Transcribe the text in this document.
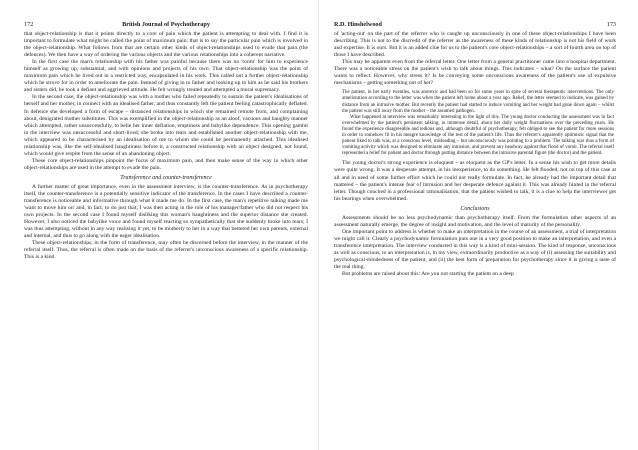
172	British Journal of Psychotherapy

that object-relationship is that it points directly to a core of pain which the patient is attempting to deal with. I find it is important to formulate what might be called the point of maximum pain; that is to say the particular pain which is involved in the object-relationship. What follows from that are certain other kinds of object-relationships used to evade that pain (the defences). We then have a way of ordering the various objects and the various relationships into a coherent narrative.

In the first case the man's relationship with his father was painful because there was no 'room' for him to experience himself as growing up, substantial, and with opinions and projects of his own. That object-relationship was the point of maximum pain which he lived out in a restricted way, encapsulated in his work. This called out a further object-relationship which he strove for in order to ameliorate the pain. Instead of giving in to father and looking up to him as he said his brothers and sisters did, he took a defiant and aggrieved attitude. He felt wrongly treated and attempted a moral supremacy.

In the second case, the object-relationship was with a mother who failed repeatedly to sustain the patient's idealisations of herself and her mother, in connect with an idealised father, and thus constantly left the patient feeling catastrophically deflated. In defence she developed a form of escape – distanced relationships in which she remained remote from, and complaining about, denigrated mother substitutes. This was exemplified in the object-relationship as an aloof, vacuous and haughty manner which attempted, rather unsuccessfully, to belie her inner deflation, emptiness and babylike dependence. This opening gambit in the interview was unsuccessful and short-lived; she broke into tears and established another object-relationship with me, which appeared to be characterised by an idealisation of me to whom she could be permanently attached. This idealised relationship was, like the self-idealised haughtiness before it, a constructed relationship with an object designed, not found, which would give respite from the sense of an abandoning object.

These core object-relationships pinpoint the focus of maximum pain, and then make sense of the way in which other object-relationships are used in the attempt to evade the pain.

Transference and counter-transference

A further matter of great importance, even in the assessment interview, is the counter-transference. As in psychotherapy itself, the counter-transference is a potentially sensitive indicator of the transference. In the cases I have described a counter-transference is noticeable and informative through what it made me do. In the first case, the man's repetitive talking made me 'want to move him on' and, in fact, to do just that; I was then acting in the role of his manager/father who did not respect his own projects. In the second case I found myself disliking this woman's haughtiness and the superior distance she created. However, I also noticed the babylike voice and found myself reacting so sympathetically that she suddenly broke into tears; I was thus attempting, without in any way realising it yet, to be motherly to her in a way that bettered her own parents, external and internal, and thus to go along with the eager idealisation.

These object-relationships, in the form of transference, may often be discerned before the interview, in the manner of the referral itself. Thus, the referral is often made on the basis of the referrer's unconscious awareness of a specific relationship. This is a kind

R.D. Hinshelwood	173

of 'acting-out' on the part of the referrer who is caught up unconsciously in one of these object-relationships I have been describing. This is not to the discredit of the referrer as the awareness of these kinds of relationship is not his field of work and expertise. It is ours. But it is an added clue for us to the patient's core object-relationships – a sort of fourth area on top of those I have described.

This may be apparent even from the referral letter. One letter from a general practitioner came into a hospital department. There was a noticeable stress on the patient's wish to talk about things. This indicates – what? On the surface the patient wants to reflect. However, why stress it? Is he conveying some unconscious awareness of the patient's use of expulsive mechanisms – getting something out of her?

The patient, in her early twenties, was anorexic and had been so for some years in spite of several therapeutic interventions. The only amelioration according to the letter was when the patient left home about a year ago. Relief, the letter seemed to indicate, was gained by distance from an intrusive mother. But recently the patient had started to induce vomiting and her weight had gone down again – whilst the patient was still away from the mother – the assumed pathogen.

What happened at interview was remarkably interesting in the light of this. The young doctor conducting the assessment was in fact overwhelmed by the patient's persistent talking, in immense detail, about her daily weight fluctuations over the preceding years. He found the experience disagreeable and tedious and, although doubtful of psychotherapy, felt obliged to see the patient for more sessions in order to somehow fit in his meagre knowledge of the rest of the patient's life. Thus the referrer's apparently optimistic signal that the patient liked to talk was, at a conscious level, misleading – but unconsciously was pointing to a problem. The talking was thus a form of vomiting activity which was designed to eliminate any intrusion, and prevent any headway against that flood of vomit. The referral itself represented a relief for patient and doctor through putting distance between the intrusive parental figure (the doctor) and the patient.

The young doctor's strong experience is eloquent – as eloquent as the GP's letter. In a sense his wish to get more details were quite wrong. It was a desperate attempt, in his inexperience, to do something. He felt flooded, not on top of this case at all and in need of some further effort which he could not really formulate. In fact, he already had the important detail that mattered – the patient's intense fear of intrusion and her desperate defence against it. This was already hinted in the referral letter. Though couched in a professional rationalisation, that the patient wished to talk, it is a clue to help the interviewer get his bearings when overwhelmed.

Conclusions

Assessments should be no less psychodynamic than psychotherapy itself. From the formulation other aspects of an assessment naturally emerge, the degree of insight and motivation, and the level of maturity of the personality.

One important point to address is whether to make an interpretation in the course of an assessment, a trial of interpretation we might call it. Clearly a psychodynamic formulation puts one in a very good position to make an interpretation, and even a transference interpretation. The interview conducted in this way is a kind of mini-session. The kind of response, unconscious as well as conscious, to an interpretation is, in my view, extraordinarily productive as a way of (i) assessing the suitability and psychological-mindedness of the patient, and (ii) the best form of preparation for psychotherapy since it is giving a taste of the real thing.

But problems are raised about this: Are you not starting the patient on a deep
